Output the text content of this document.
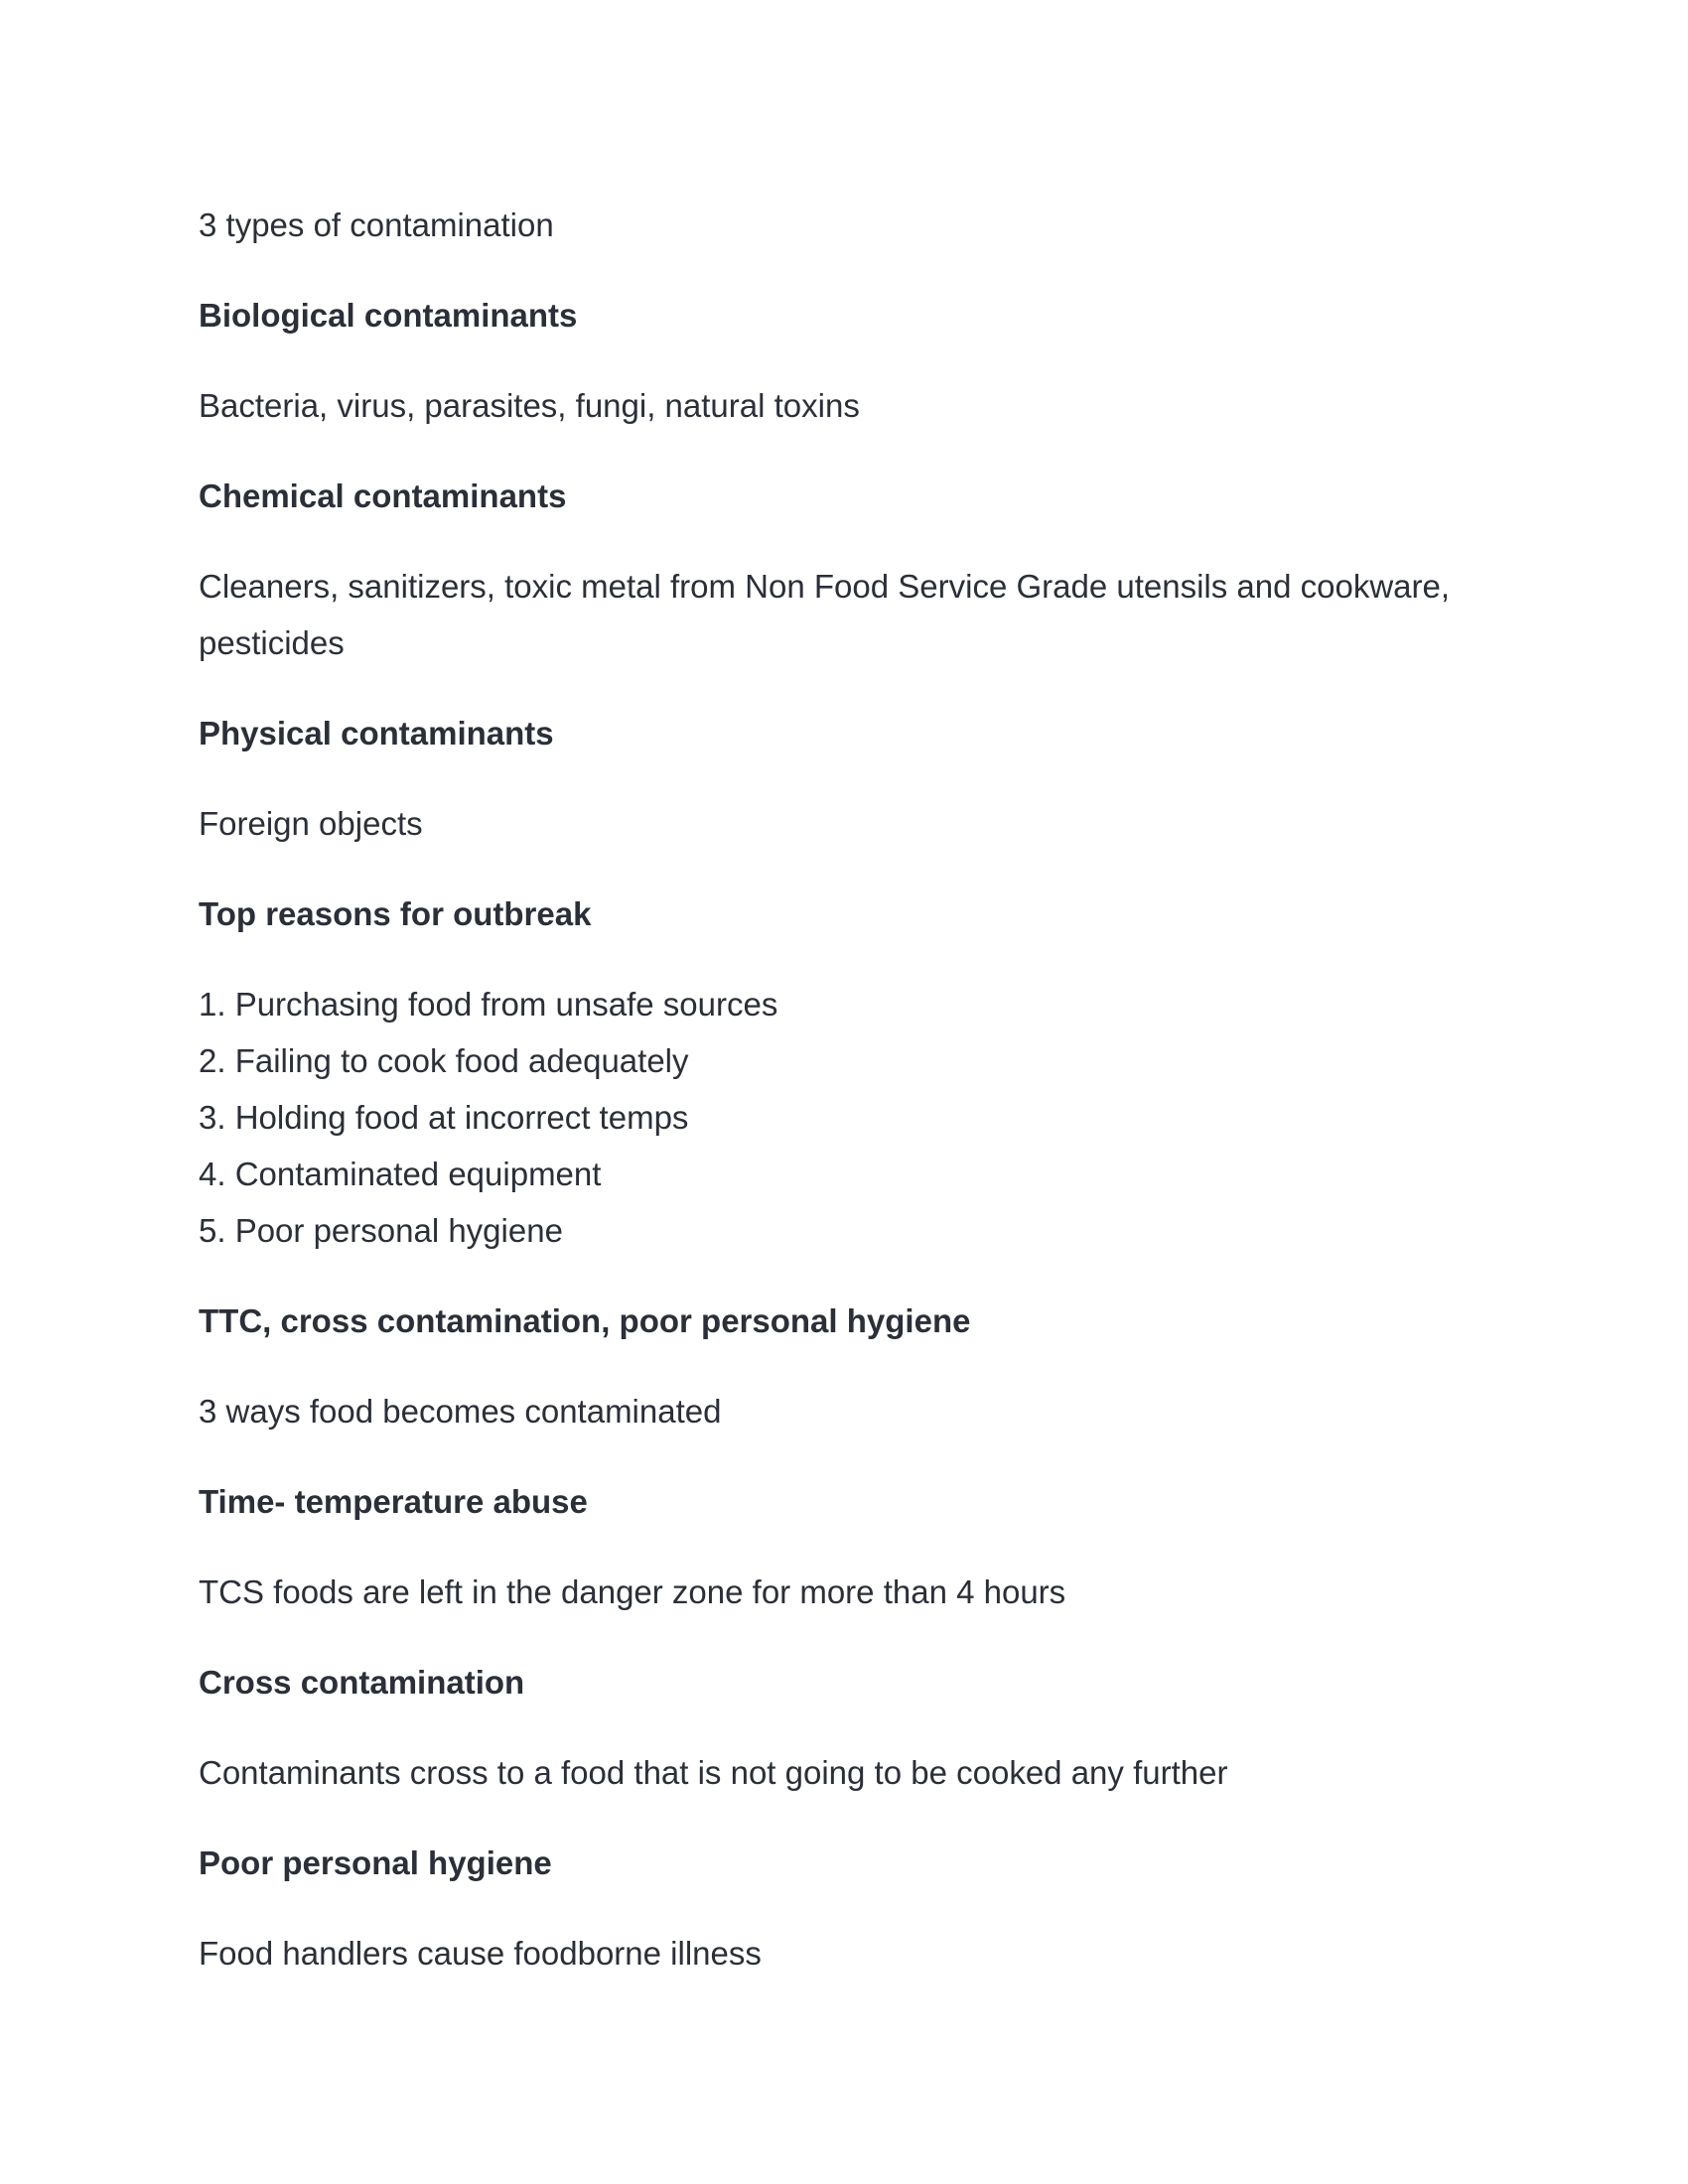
3 types of contamination

Biological contaminants

Bacteria, virus, parasites, fungi, natural toxins

Chemical contaminants

Cleaners, sanitizers, toxic metal from Non Food Service Grade utensils and cookware, pesticides

Physical contaminants

Foreign objects

Top reasons for outbreak

1. Purchasing food from unsafe sources
2. Failing to cook food adequately
3. Holding food at incorrect temps
4. Contaminated equipment
5. Poor personal hygiene

TTC, cross contamination, poor personal hygiene

3 ways food becomes contaminated

Time- temperature abuse

TCS foods are left in the danger zone for more than 4 hours

Cross contamination

Contaminants cross to a food that is not going to be cooked any further

Poor personal hygiene

Food handlers cause foodborne illness
